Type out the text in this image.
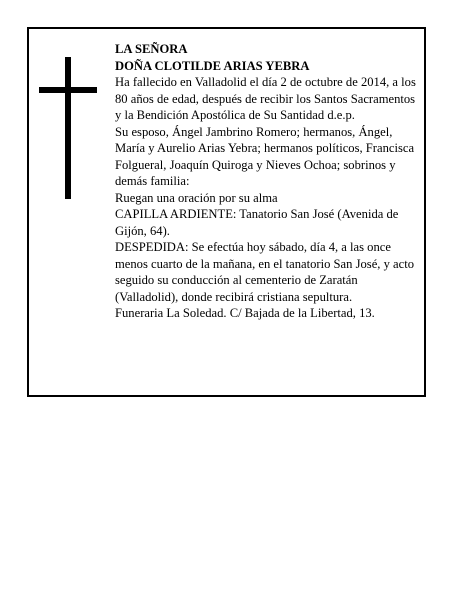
LA SEÑORA

DOÑA CLOTILDE ARIAS YEBRA

Ha fallecido en Valladolid el día 2 de octubre de 2014, a los 80 años de edad, después de recibir los Santos Sacramentos y la Bendición Apostólica de Su Santidad d.e.p.

Su esposo, Ángel Jambrino Romero; hermanos, Ángel, María y Aurelio Arias Yebra; hermanos políticos, Francisca Folgueral, Joaquín Quiroga y Nieves Ochoa; sobrinos y demás familia:

Ruegan una oración por su alma

CAPILLA ARDIENTE: Tanatorio San José (Avenida de Gijón, 64).

DESPEDIDA: Se efectúa hoy sábado, día 4, a las once menos cuarto de la mañana, en el tanatorio San José, y acto seguido su conducción al cementerio de Zaratán (Valladolid), donde recibirá cristiana sepultura.

Funeraria La Soledad. C/ Bajada de la Libertad, 13.
